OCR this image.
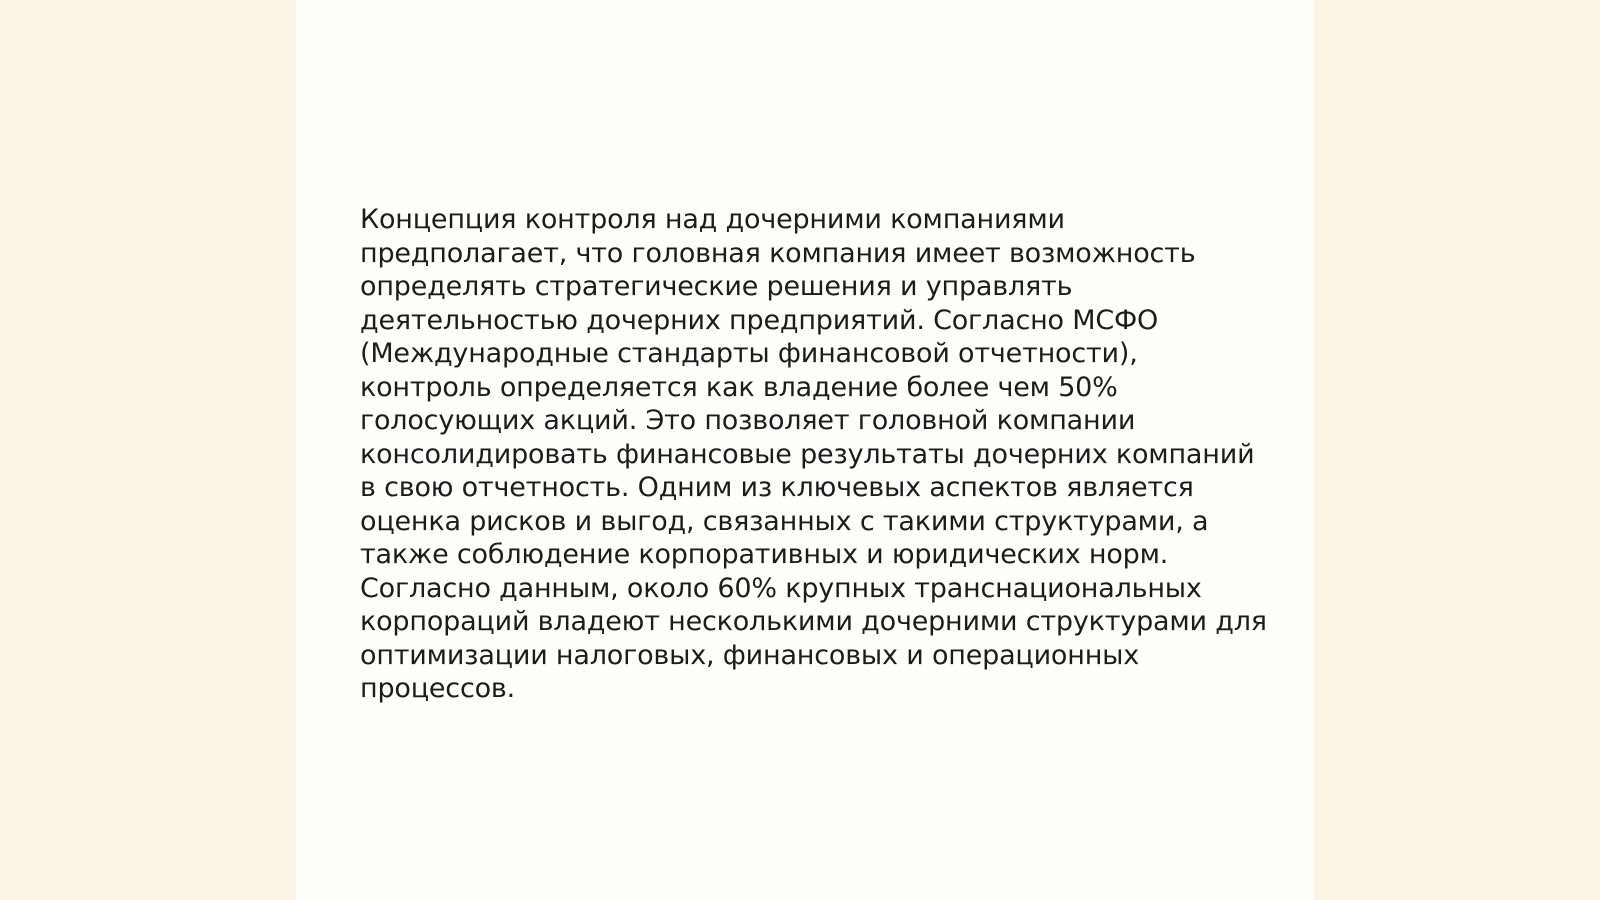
Концепция контроля над дочерними компаниями
предполагает, что головная компания имеет возможность
определять стратегические решения и управлять
деятельностью дочерних предприятий. Согласно МСФО
(Международные стандарты финансовой отчетности),
контроль определяется как владение более чем 50%
голосующих акций. Это позволяет головной компании
консолидировать финансовые результаты дочерних компаний
в свою отчетность. Одним из ключевых аспектов является
оценка рисков и выгод, связанных с такими структурами, а
также соблюдение корпоративных и юридических норм.
Согласно данным, около 60% крупных транснациональных
корпораций владеют несколькими дочерними структурами для
оптимизации налоговых, финансовых и операционных
процессов.
